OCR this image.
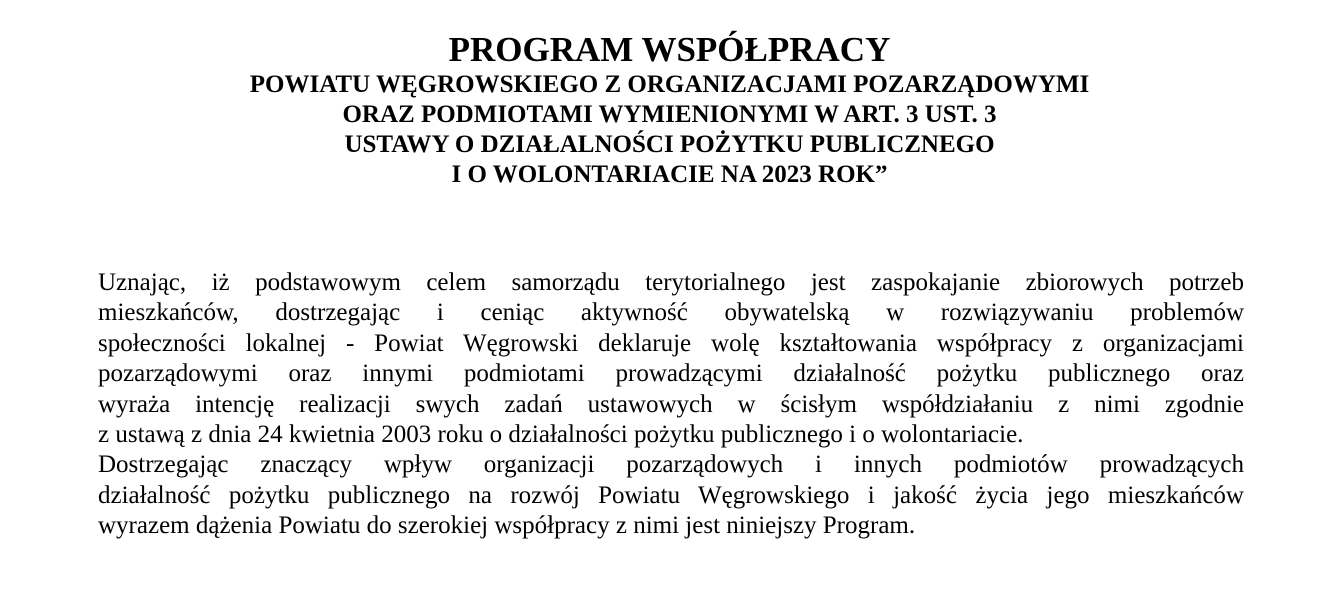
PROGRAM WSPÓŁPRACY
POWIATU WĘGROWSKIEGO Z ORGANIZACJAMI POZARZĄDOWYMI
ORAZ PODMIOTAMI WYMIENIONYMI W ART. 3 UST. 3
USTAWY O DZIAŁALNOŚCI POŻYTKU PUBLICZNEGO
I O WOLONTARIACIE NA 2023 ROK”
Uznając, iż podstawowym celem samorządu terytorialnego jest zaspokajanie zbiorowych potrzeb
mieszkańców, dostrzegając i ceniąc aktywność obywatelską w rozwiązywaniu problemów
społeczności lokalnej - Powiat Węgrowski deklaruje wolę kształtowania współpracy z organizacjami
pozarządowymi oraz innymi podmiotami prowadzącymi działalność pożytku publicznego oraz
wyraża intencję realizacji swych zadań ustawowych w ścisłym współdziałaniu z nimi zgodnie
z ustawą z dnia 24 kwietnia 2003 roku o działalności pożytku publicznego i o wolontariacie.
Dostrzegając znaczący wpływ organizacji pozarządowych i innych podmiotów prowadzących
działalność pożytku publicznego na rozwój Powiatu Węgrowskiego i jakość życia jego mieszkańców
wyrazem dążenia Powiatu do szerokiej współpracy z nimi jest niniejszy Program.
